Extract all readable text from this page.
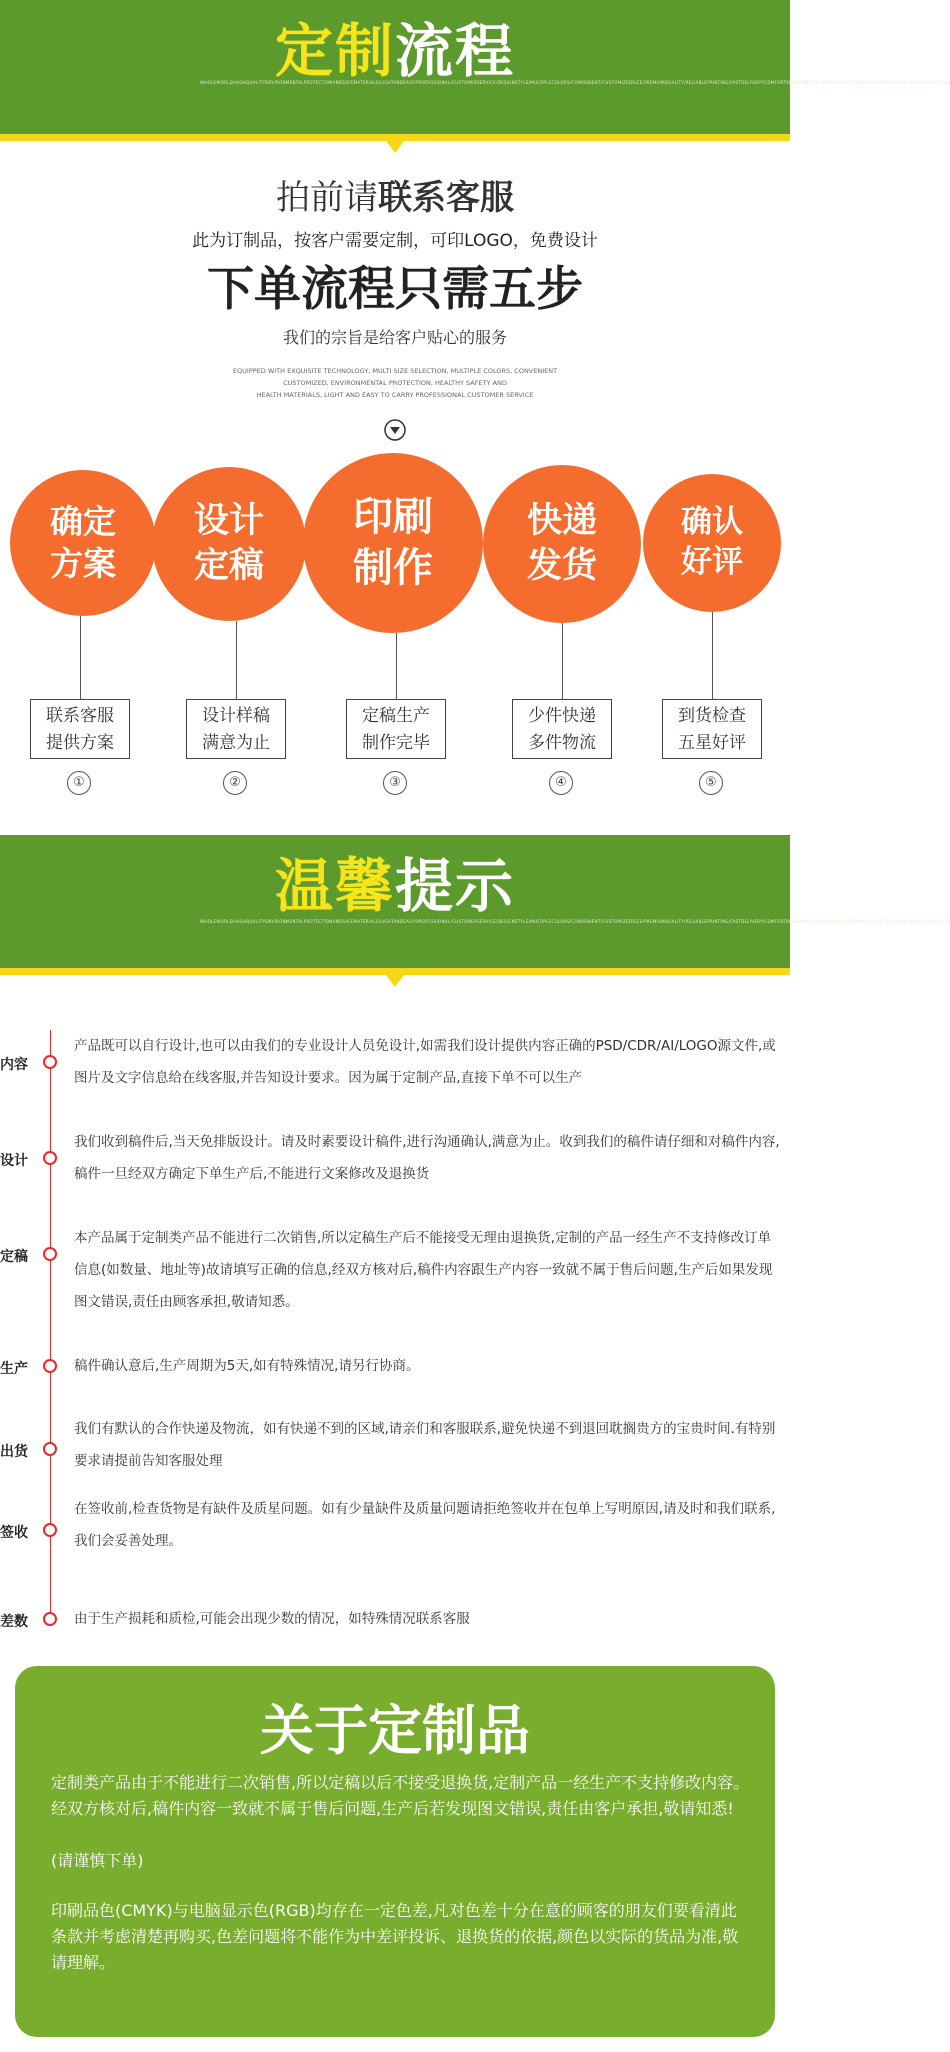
定制流程
WHOLEWORLD/HIGHQUALITYENVIRONMENTALPROTECTIONANDSAFEMATERIALS/LIGHTANDEASY/PROFESSIONAL/CUSTOMERSERVICE/DESIGNSTYLE/MULTIPLECOLORS/CONVENIENT/CUSTOMIZEDSIZE/PREMIUMQUALITY/RELIABLEPRINTING/FASTDELIVERY/COMFORTABLEHANDFEEL/DURABLEMATERIALS/CAREFULPACKAGING/SATISFACTION
拍前请联系客服
此为订制品，按客户需要定制，可印LOGO，免费设计
下单流程只需五步
我们的宗旨是给客户贴心的服务
EQUIPPED WITH EXQUISITE TECHNOLOGY, MULTI SIZE SELECTION, MULTIPLE COLORS, CONVENIENT
CUSTOMIZED, ENVIRONMENTAL PROTECTION, HEALTHY SAFETY AND
HEALTH MATERIALS, LIGHT AND EASY TO CARRY PROFESSIONAL CUSTOMER SERVICE
确定
方案
联系客服
提供方案
①
设计
定稿
设计样稿
满意为止
②
印刷
制作
定稿生产
制作完毕
③
快递
发货
少件快递
多件物流
④
确认
好评
到货检查
五星好评
⑤
温馨提示
WHOLEWORLD/HIGHQUALITYENVIRONMENTALPROTECTIONANDSAFEMATERIALS/LIGHTANDEASY/PROFESSIONAL/CUSTOMERSERVICE/DESIGNSTYLE/MULTIPLECOLORS/CONVENIENT/CUSTOMIZEDSIZE/PREMIUMQUALITY/RELIABLEPRINTING/FASTDELIVERY/COMFORTABLEHANDFEEL/DURABLEMATERIALS/CAREFULPACKAGING/SATISFACTION
内容
产品既可以自行设计,也可以由我们的专业设计人员免设计,如需我们设计提供内容正确的PSD/CDR/AI/LOGO源文件,或图片及文字信息给在线客服,并告知设计要求。因为属于定制产品,直接下单不可以生产
设计
我们收到稿件后,当天免排版设计。请及时素要设计稿件,进行沟通确认,满意为止。收到我们的稿件请仔细和对稿件内容,稿件一旦经双方确定下单生产后,不能进行文案修改及退换货
定稿
本产品属于定制类产品不能进行二次销售,所以定稿生产后不能接受无理由退换货,定制的产品一经生产不支持修改订单信息(如数量、地址等)故请填写正确的信息,经双方核对后,稿件内容跟生产内容一致就不属于售后问题,生产后如果发现图文错误,责任由顾客承担,敬请知悉。
生产	稿件确认意后,生产周期为5天,如有特殊情况,请另行协商。
出货
我们有默认的合作快递及物流，如有快递不到的区域,请亲们和客服联系,避免快递不到退回耽搁贵方的宝贵时间.有特别要求请提前告知客服处理
签收
在签收前,检查货物是有缺件及质星问题。如有少量缺件及质量问题请拒绝签收并在包单上写明原因,请及时和我们联系,我们会妥善处理。
差数	由于生产损耗和质检,可能会出现少数的情况，如特殊情况联系客服
关于定制品
定制类产品由于不能进行二次销售,所以定稿以后不接受退换货,定制产品一经生产不支持修改内容。经双方核对后,稿件内容一致就不属于售后问题,生产后若发现图文错误,责任由客户承担,敬请知悉!
(请谨慎下单)
印刷品色(CMYK)与电脑显示色(RGB)均存在一定色差,凡对色差十分在意的顾客的朋友们要看清此条款并考虑清楚再购买,色差问题将不能作为中差评投诉、退换货的依据,颜色以实际的货品为准,敬请理解。
